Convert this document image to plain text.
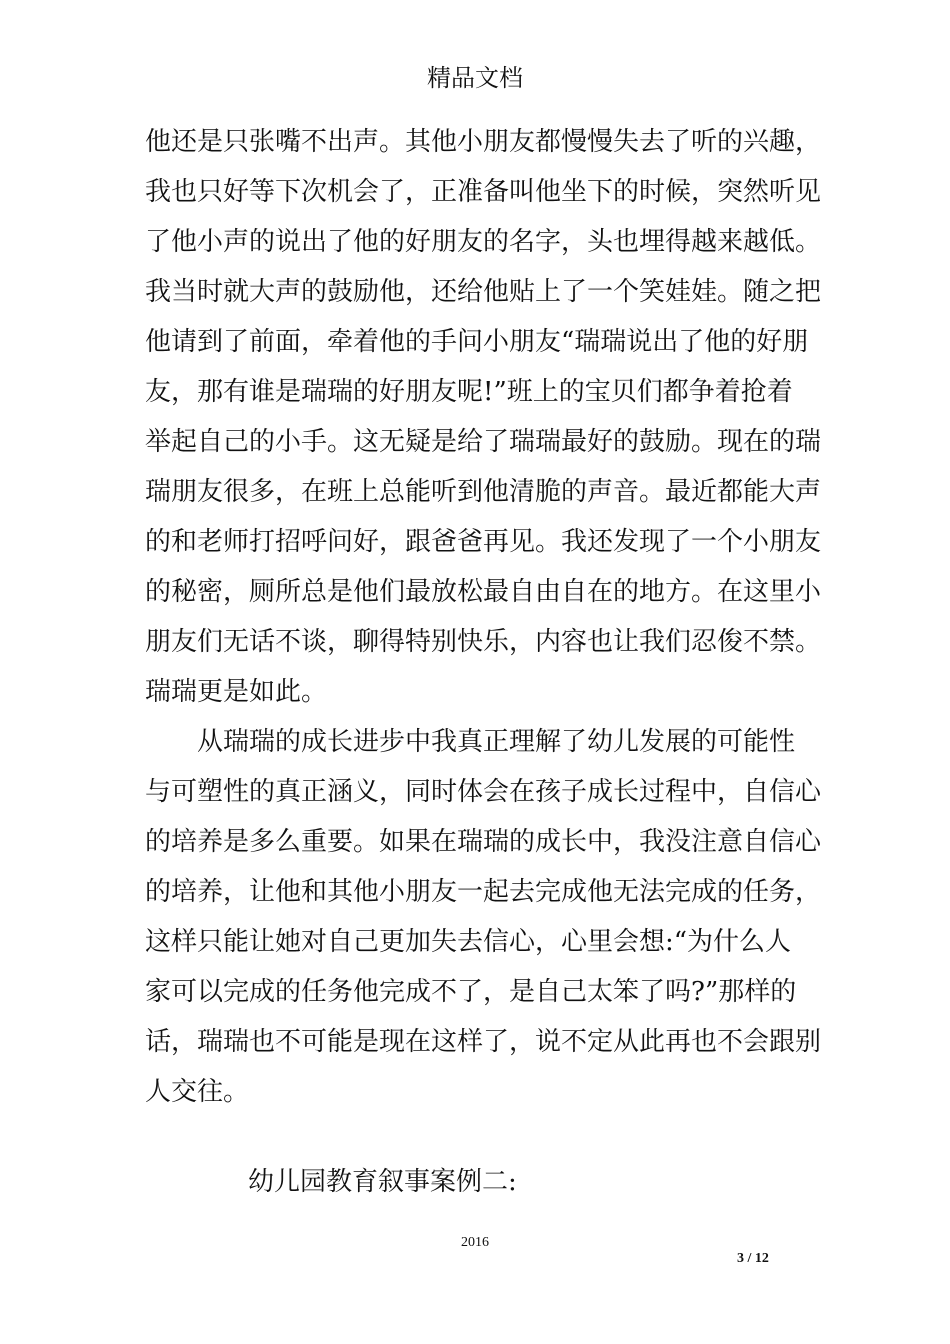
精品文档
他还是只张嘴不出声。其他小朋友都慢慢失去了听的兴趣，
我也只好等下次机会了，正准备叫他坐下的时候，突然听见
了他小声的说出了他的好朋友的名字，头也埋得越来越低。
我当时就大声的鼓励他，还给他贴上了一个笑娃娃。随之把
他请到了前面，牵着他的手问小朋友“瑞瑞说出了他的好朋
友，那有谁是瑞瑞的好朋友呢!”班上的宝贝们都争着抢着
举起自己的小手。这无疑是给了瑞瑞最好的鼓励。现在的瑞
瑞朋友很多，在班上总能听到他清脆的声音。最近都能大声
的和老师打招呼问好，跟爸爸再见。我还发现了一个小朋友
的秘密，厕所总是他们最放松最自由自在的地方。在这里小
朋友们无话不谈，聊得特别快乐，内容也让我们忍俊不禁。
瑞瑞更是如此。
从瑞瑞的成长进步中我真正理解了幼儿发展的可能性
与可塑性的真正涵义，同时体会在孩子成长过程中，自信心
的培养是多么重要。如果在瑞瑞的成长中，我没注意自信心
的培养，让他和其他小朋友一起去完成他无法完成的任务，
这样只能让她对自己更加失去信心，心里会想:“为什么人
家可以完成的任务他完成不了，是自己太笨了吗?”那样的
话，瑞瑞也不可能是现在这样了，说不定从此再也不会跟别
人交往。
幼儿园教育叙事案例二:
2016
3 / 12
